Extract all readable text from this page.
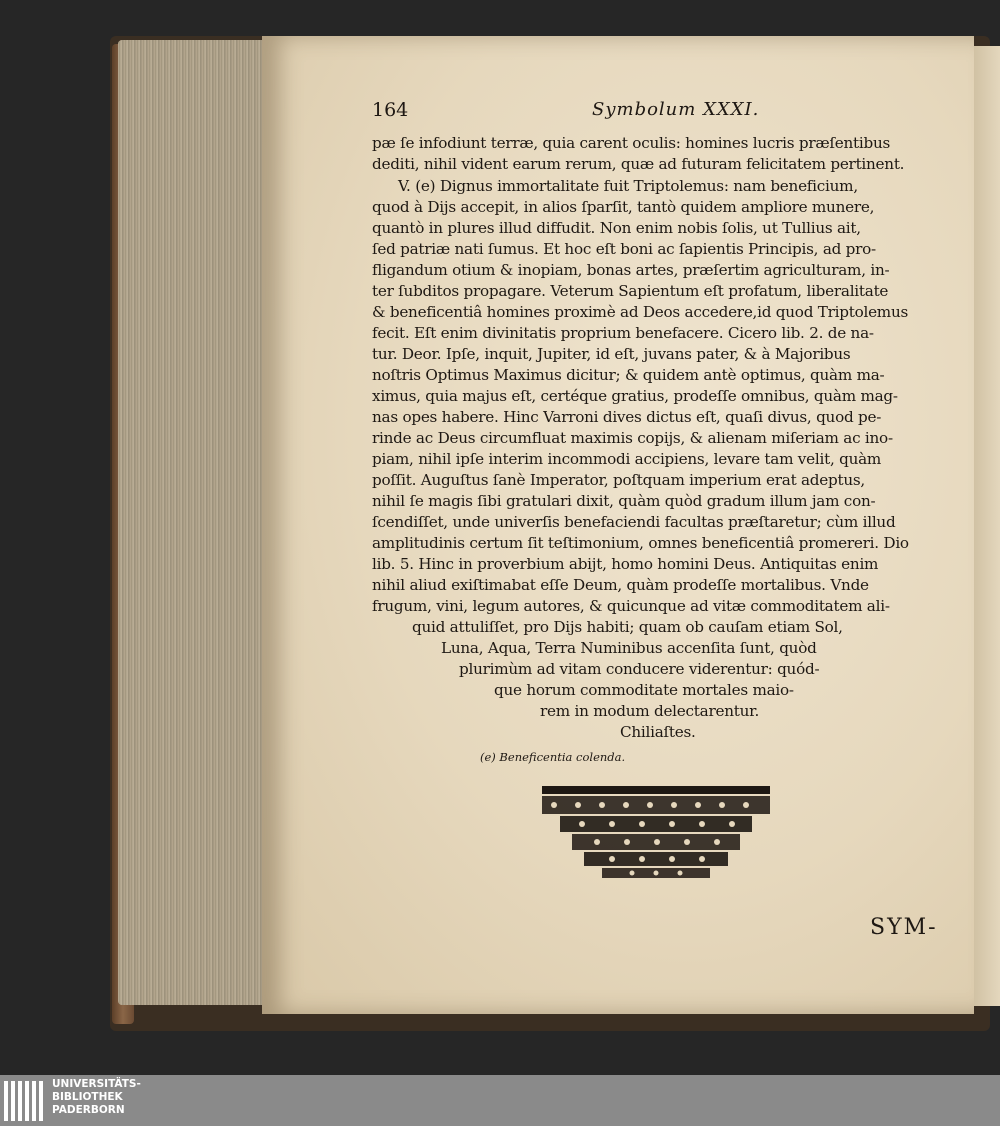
164	Symbolum XXXI.

pæ ſe infodiunt terræ, quia carent oculis: homines lucris præſentibus

dediti, nihil vident earum rerum, quæ ad futuram felicitatem pertinent.

V. (e) Dignus immortalitate fuit Triptolemus: nam beneficium,

quod à Dijs accepit, in alios ſparſit, tantò quidem ampliore munere,

quantò in plures illud diffudit. Non enim nobis ſolis, ut Tullius ait,

ſed patriæ nati ſumus. Et hoc eſt boni ac ſapientis Principis, ad pro-

fligandum otium & inopiam, bonas artes, præſertim agriculturam, in-

ter ſubditos propagare. Veterum Sapientum eſt profatum, liberalitate

& beneficentiâ homines proximè ad Deos accedere,id quod Triptolemus

fecit. Eſt enim divinitatis proprium benefacere. Cicero lib. 2. de na-

tur. Deor. Ipſe, inquit, Jupiter, id eſt, juvans pater, & à Majoribus

noſtris Optimus Maximus dicitur; & quidem antè optimus, quàm ma-

ximus, quia majus eſt, certéque gratius, prodeſſe omnibus, quàm mag-

nas opes habere. Hinc Varroni dives dictus eſt, quaſi divus, quod pe-

rinde ac Deus circumfluat maximis copijs, & alienam miſeriam ac ino-

piam, nihil ipſe interim incommodi accipiens, levare tam velit, quàm

poſſit. Auguſtus ſanè Imperator, poſtquam imperium erat adeptus,

nihil ſe magis ſibi gratulari dixit, quàm quòd gradum illum jam con-

ſcendiſſet, unde univerſis benefaciendi facultas præſtaretur; cùm illud

amplitudinis certum ſit teſtimonium, omnes beneficentiâ promereri. Dio

lib. 5. Hinc in proverbium abijt, homo homini Deus. Antiquitas enim

nihil aliud exiſtimabat eſſe Deum, quàm prodeſſe mortalibus. Vnde

frugum, vini, legum autores, & quicunque ad vitæ commoditatem ali-

quid attuliſſet, pro Dijs habiti; quam ob cauſam etiam Sol,

Luna, Aqua, Terra Numinibus accenſita ſunt, quòd

plurimùm ad vitam conducere viderentur: quód-

que horum commoditate mortales maio-

rem in modum delectarentur.

Chiliaſtes.

(e) Beneficentia colenda.

SYM-

UNIVERSITÄTS-
BIBLIOTHEK
PADERBORN
